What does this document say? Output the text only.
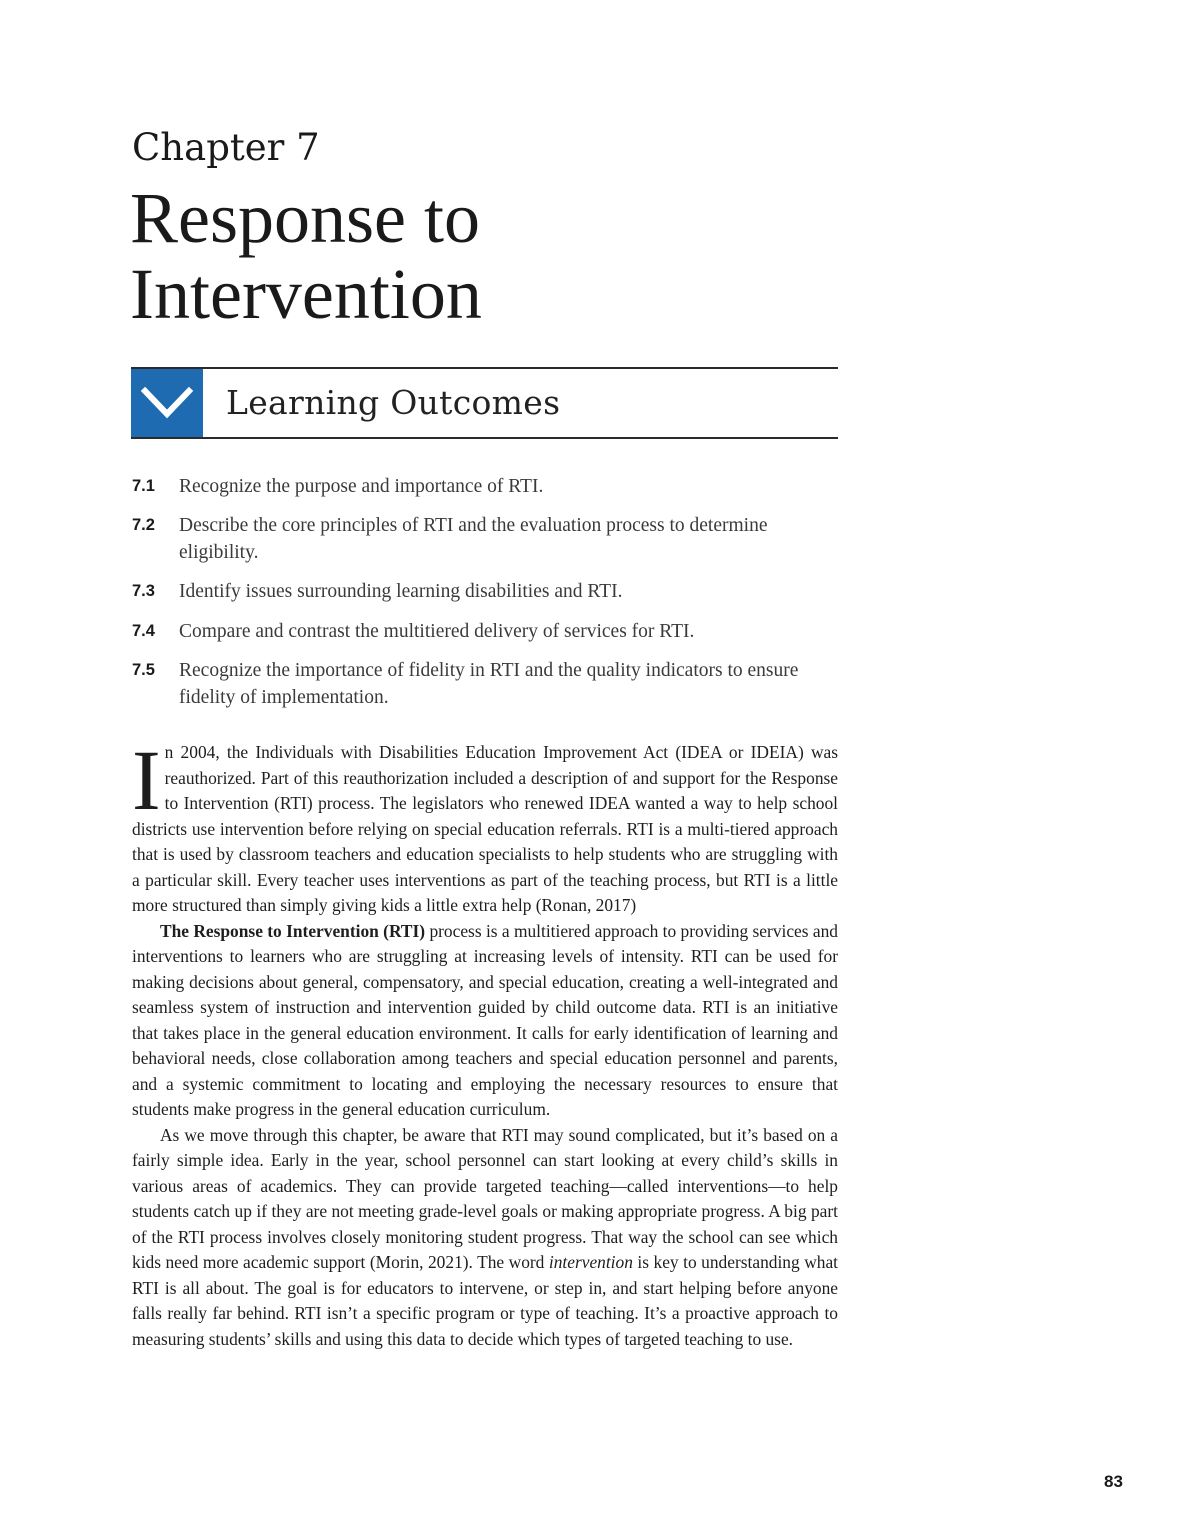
Chapter 7
Response to
Intervention
Learning Outcomes
7.1 Recognize the purpose and importance of RTI.
7.2 Describe the core principles of RTI and the evaluation process to determine eligibility.
7.3 Identify issues surrounding learning disabilities and RTI.
7.4 Compare and contrast the multitiered delivery of services for RTI.
7.5 Recognize the importance of fidelity in RTI and the quality indicators to ensure fidelity of implementation.

In 2004, the Individuals with Disabilities Education Improvement Act (IDEA or IDEIA) was reauthorized. Part of this reauthorization included a description of and support for the Response to Intervention (RTI) process. The legislators who renewed IDEA wanted a way to help school districts use intervention before relying on special education referrals. RTI is a multi-tiered approach that is used by classroom teachers and education specialists to help students who are struggling with a particular skill. Every teacher uses interventions as part of the teaching process, but RTI is a little more structured than simply giving kids a little extra help (Ronan, 2017)

The Response to Intervention (RTI) process is a multitiered approach to providing services and interventions to learners who are struggling at increasing levels of intensity. RTI can be used for making decisions about general, compensatory, and special education, creating a well-integrated and seamless system of instruction and intervention guided by child outcome data. RTI is an initiative that takes place in the general education environment. It calls for early identification of learning and behavioral needs, close collaboration among teachers and special education personnel and parents, and a systemic commitment to locating and employing the necessary resources to ensure that students make progress in the general education curriculum.

As we move through this chapter, be aware that RTI may sound complicated, but it’s based on a fairly simple idea. Early in the year, school personnel can start looking at every child’s skills in various areas of academics. They can provide targeted teaching—called interventions—to help students catch up if they are not meeting grade-level goals or making appropriate progress. A big part of the RTI process involves closely monitoring student progress. That way the school can see which kids need more academic support (Morin, 2021). The word intervention is key to understanding what RTI is all about. The goal is for educators to intervene, or step in, and start helping before anyone falls really far behind. RTI isn’t a specific program or type of teaching. It’s a proactive approach to measuring students’ skills and using this data to decide which types of targeted teaching to use.

83
